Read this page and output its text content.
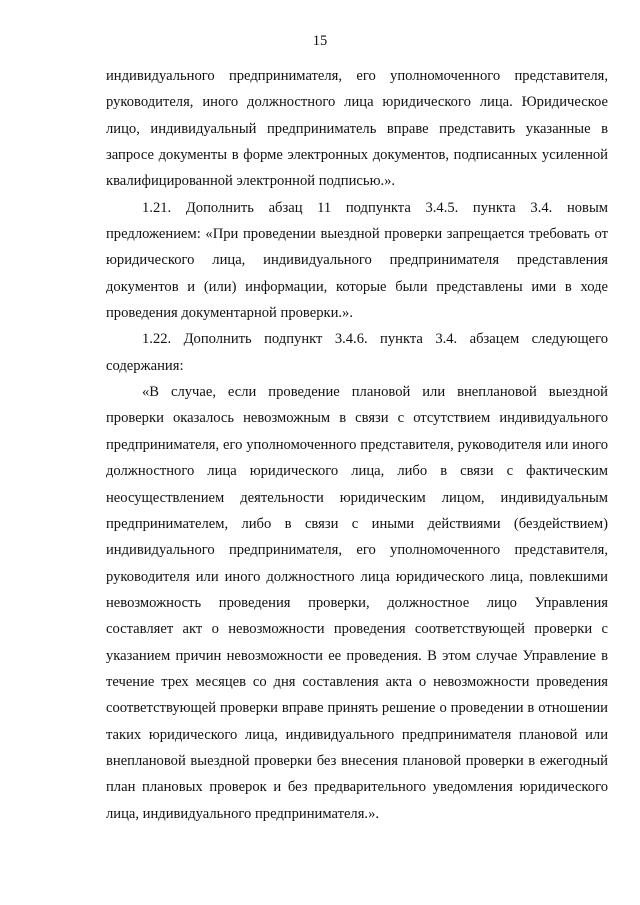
15

индивидуального предпринимателя, его уполномоченного представителя, руководителя, иного должностного лица юридического лица. Юридическое лицо, индивидуальный предприниматель вправе представить указанные в запросе документы в форме электронных документов, подписанных усиленной квалифицированной электронной подписью.».

1.21. Дополнить абзац 11 подпункта 3.4.5. пункта 3.4. новым предложением: «При проведении выездной проверки запрещается требовать от юридического лица, индивидуального предпринимателя представления документов и (или) информации, которые были представлены ими в ходе проведения документарной проверки.».

1.22. Дополнить подпункт 3.4.6. пункта 3.4. абзацем следующего содержания:

«В случае, если проведение плановой или внеплановой выездной проверки оказалось невозможным в связи с отсутствием индивидуального предпринимателя, его уполномоченного представителя, руководителя или иного должностного лица юридического лица, либо в связи с фактическим неосуществлением деятельности юридическим лицом, индивидуальным предпринимателем, либо в связи с иными действиями (бездействием) индивидуального предпринимателя, его уполномоченного представителя, руководителя или иного должностного лица юридического лица, повлекшими невозможность проведения проверки, должностное лицо Управления составляет акт о невозможности проведения соответствующей проверки с указанием причин невозможности ее проведения. В этом случае Управление в течение трех месяцев со дня составления акта о невозможности проведения соответствующей проверки вправе принять решение о проведении в отношении таких юридического лица, индивидуального предпринимателя плановой или внеплановой выездной проверки без внесения плановой проверки в ежегодный план плановых проверок и без предварительного уведомления юридического лица, индивидуального предпринимателя.».
